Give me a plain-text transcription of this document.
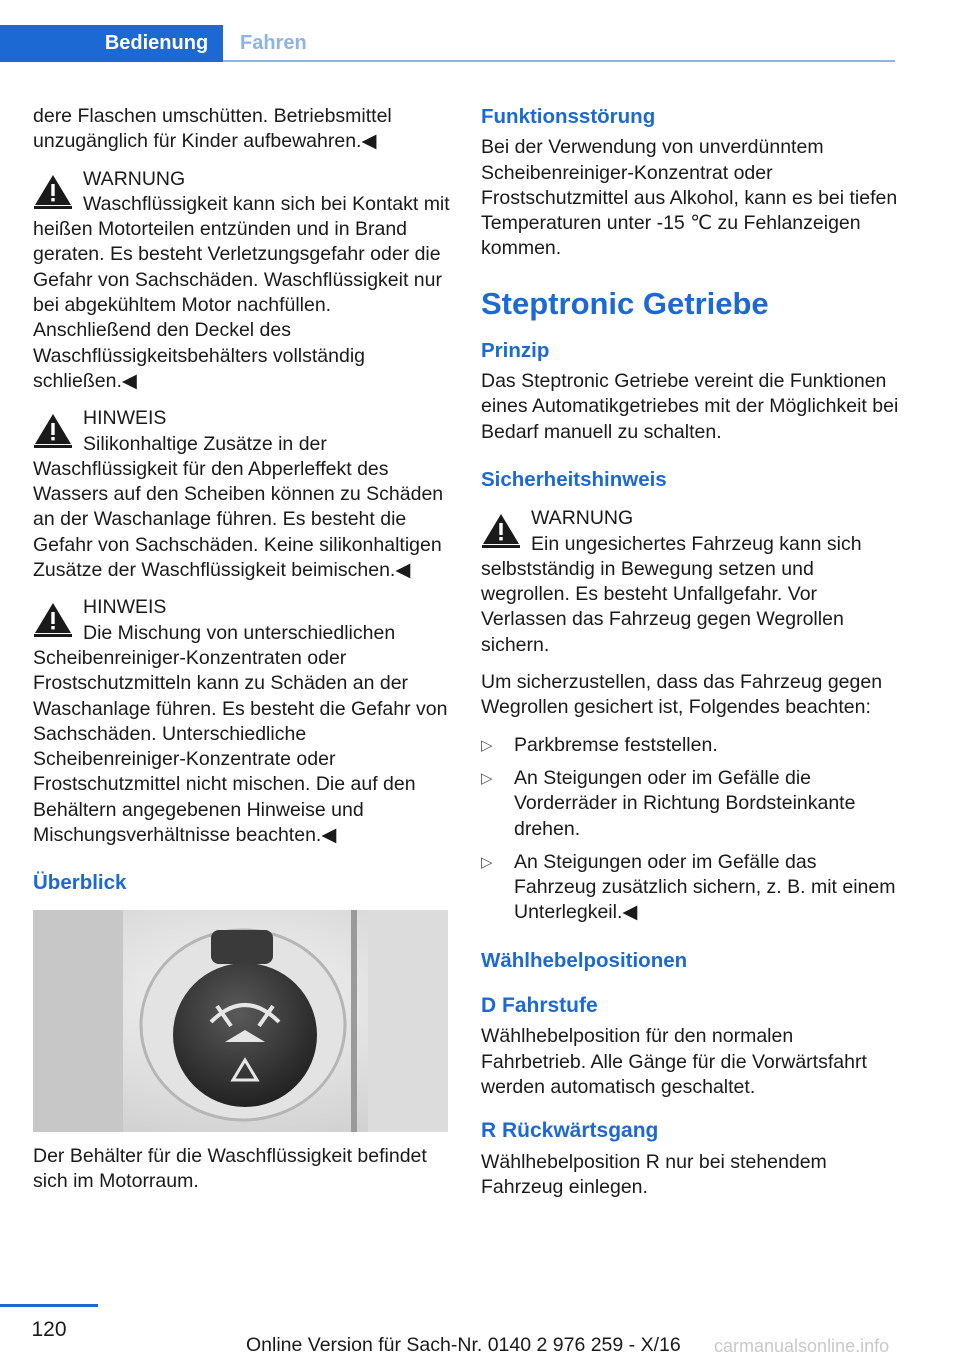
Bedienung Fahren

dere Flaschen umschütten. Betriebsmittel unzugänglich für Kinder aufbewahren.◀

WARNUNG
Waschflüssigkeit kann sich bei Kontakt mit heißen Motorteilen entzünden und in Brand geraten. Es besteht Verletzungsgefahr oder die Gefahr von Sachschäden. Waschflüssigkeit nur bei abgekühltem Motor nachfüllen. Anschließend den Deckel des Waschflüssigkeitsbehälters vollständig schließen.◀
HINWEIS
Silikonhaltige Zusätze in der Waschflüssigkeit für den Abperleffekt des Wassers auf den Scheiben können zu Schäden an der Waschanlage führen. Es besteht die Gefahr von Sachschäden. Keine silikonhaltigen Zusätze der Waschflüssigkeit beimischen.◀
HINWEIS
Die Mischung von unterschiedlichen Scheibenreiniger-Konzentraten oder Frostschutzmitteln kann zu Schäden an der Waschanlage führen. Es besteht die Gefahr von Sachschäden. Unterschiedliche Scheibenreiniger-Konzentrate oder Frostschutzmittel nicht mischen. Die auf den Behältern angegebenen Hinweise und Mischungsverhältnisse beachten.◀
Überblick

Der Behälter für die Waschflüssigkeit befindet sich im Motorraum.

Funktionsstörung

Bei der Verwendung von unverdünntem Scheibenreiniger-Konzentrat oder Frostschutzmittel aus Alkohol, kann es bei tiefen Temperaturen unter -15 ℃ zu Fehlanzeigen kommen.

Steptronic Getriebe
Prinzip

Das Steptronic Getriebe vereint die Funktionen eines Automatikgetriebes mit der Möglichkeit bei Bedarf manuell zu schalten.

Sicherheitshinweis
WARNUNG
Ein ungesichertes Fahrzeug kann sich selbstständig in Bewegung setzen und wegrollen. Es besteht Unfallgefahr. Vor Verlassen das Fahrzeug gegen Wegrollen sichern.

Um sicherzustellen, dass das Fahrzeug gegen Wegrollen gesichert ist, Folgendes beachten:

▷ Parkbremse feststellen.
▷ An Steigungen oder im Gefälle die Vorderräder in Richtung Bordsteinkante drehen.
▷ An Steigungen oder im Gefälle das Fahrzeug zusätzlich sichern, z. B. mit einem Unterlegkeil.◀
Wählhebelpositionen
D Fahrstufe

Wählhebelposition für den normalen Fahrbetrieb. Alle Gänge für die Vorwärtsfahrt werden automatisch geschaltet.

R Rückwärtsgang

Wählhebelposition R nur bei stehendem Fahrzeug einlegen.

120
Online Version für Sach-Nr. 0140 2 976 259 - X/16 carmanualsonline.info
